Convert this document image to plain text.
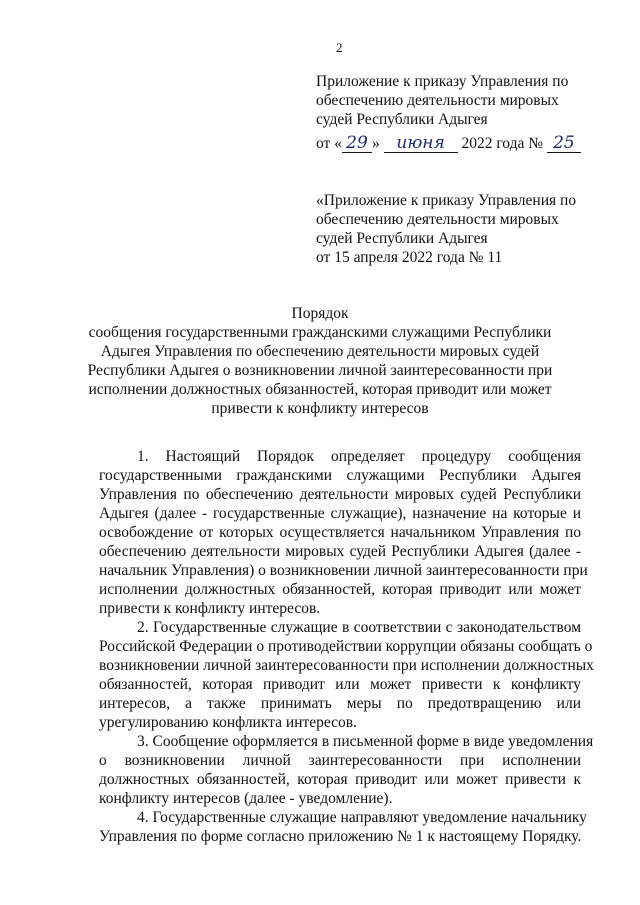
2
Приложение к приказу Управления по
обеспечению деятельности мировых
судей Республики Адыгея
от « 29 » июня 2022 года № 25
«Приложение к приказу Управления по
обеспечению деятельности мировых
судей Республики Адыгея
от 15 апреля 2022 года № 11
Порядок
сообщения государственными гражданскими служащими Республики
Адыгея Управления по обеспечению деятельности мировых судей
Республики Адыгея о возникновении личной заинтересованности при
исполнении должностных обязанностей, которая приводит или может
привести к конфликту интересов
1. Настоящий Порядок определяет процедуру сообщения
государственными гражданскими служащими Республики Адыгея
Управления по обеспечению деятельности мировых судей Республики
Адыгея (далее - государственные служащие), назначение на которые и
освобождение от которых осуществляется начальником Управления по
обеспечению деятельности мировых судей Республики Адыгея (далее -
начальник Управления) о возникновении личной заинтересованности при
исполнении должностных обязанностей, которая приводит или может
привести к конфликту интересов.
2. Государственные служащие в соответствии с законодательством
Российской Федерации о противодействии коррупции обязаны сообщать о
возникновении личной заинтересованности при исполнении должностных
обязанностей, которая приводит или может привести к конфликту
интересов, а также принимать меры по предотвращению или
урегулированию конфликта интересов.
3. Сообщение оформляется в письменной форме в виде уведомления
о возникновении личной заинтересованности при исполнении
должностных обязанностей, которая приводит или может привести к
конфликту интересов (далее - уведомление).
4. Государственные служащие направляют уведомление начальнику
Управления по форме согласно приложению № 1 к настоящему Порядку.
